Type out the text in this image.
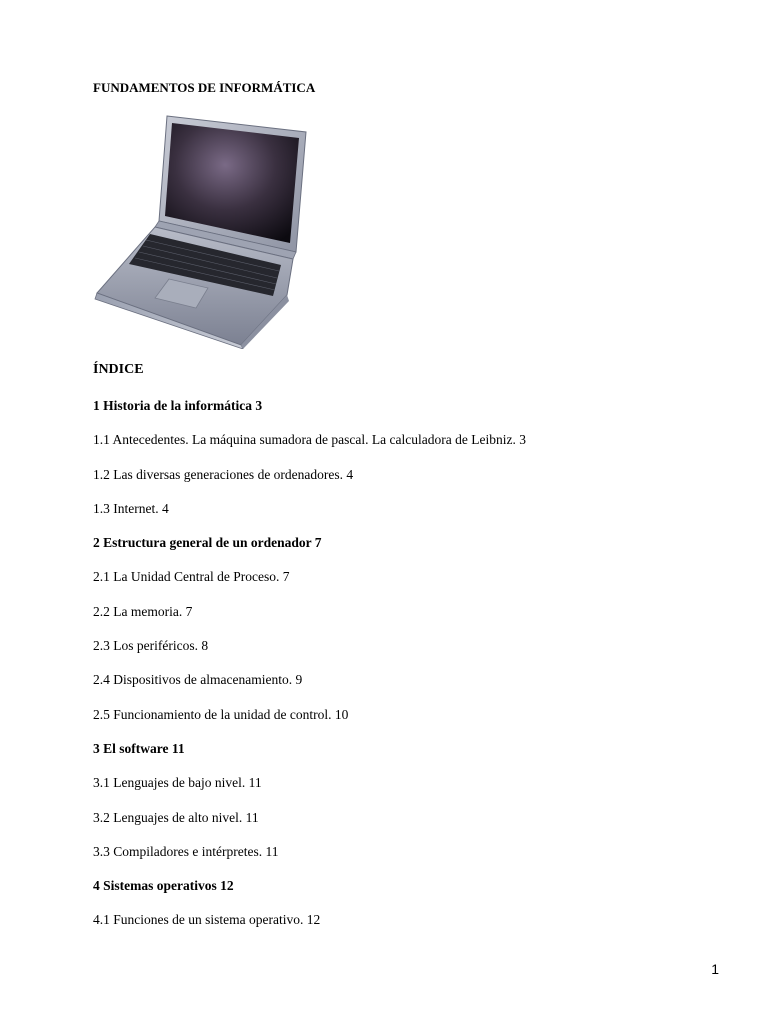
FUNDAMENTOS DE INFORMÁTICA
ÍNDICE
1 Historia de la informática 3
1.1 Antecedentes. La máquina sumadora de pascal. La calculadora de Leibniz. 3
1.2 Las diversas generaciones de ordenadores. 4
1.3 Internet. 4
2 Estructura general de un ordenador 7
2.1 La Unidad Central de Proceso. 7
2.2 La memoria. 7
2.3 Los periféricos. 8
2.4 Dispositivos de almacenamiento. 9
2.5 Funcionamiento de la unidad de control. 10
3 El software 11
3.1 Lenguajes de bajo nivel. 11
3.2 Lenguajes de alto nivel. 11
3.3 Compiladores e intérpretes. 11
4 Sistemas operativos 12
4.1 Funciones de un sistema operativo. 12
1
